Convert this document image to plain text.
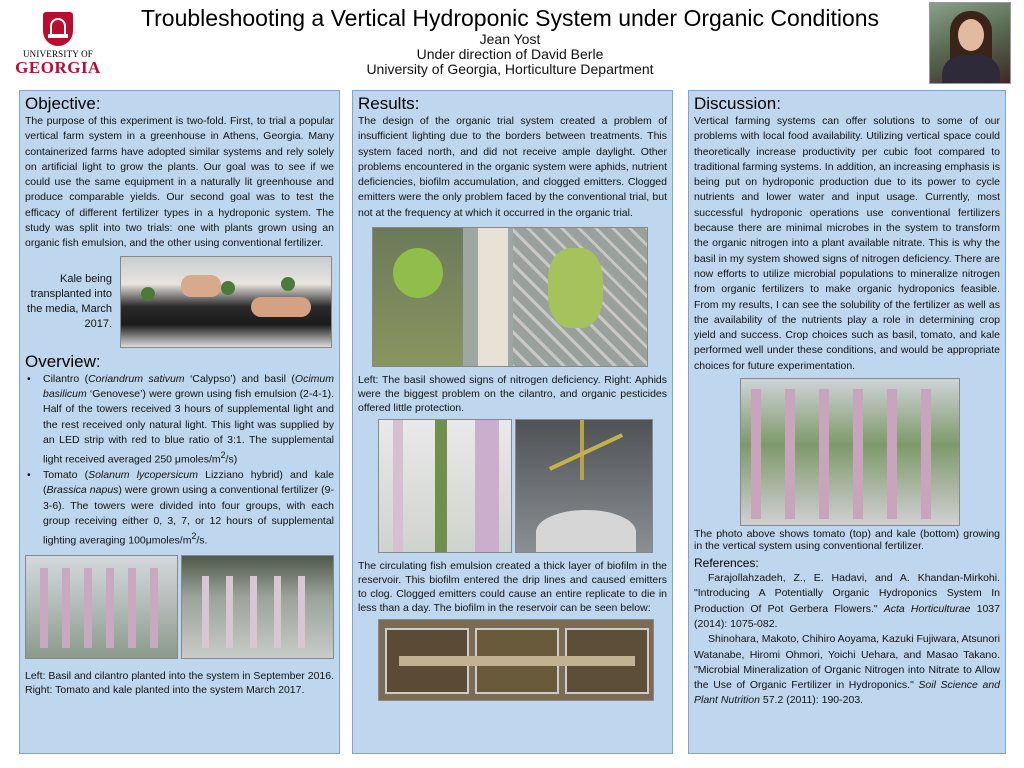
UNIVERSITY OF
GEORGIA
Troubleshooting a Vertical Hydroponic System under Organic Conditions
Jean Yost
Under direction of David Berle
University of Georgia, Horticulture Department
Objective:
The purpose of this experiment is two-fold. First, to trial a popular vertical farm system in a greenhouse in Athens, Georgia. Many containerized farms have adopted similar systems and rely solely on artificial light to grow the plants. Our goal was to see if we could use the same equipment in a naturally lit greenhouse and produce comparable yields. Our second goal was to test the efficacy of different fertilizer types in a hydroponic system. The study was split into two trials: one with plants grown using an organic fish emulsion, and the other using conventional fertilizer.
Kale being transplanted into the media, March 2017.
Overview:
• Cilantro (Coriandrum sativum ‘Calypso’) and basil (Ocimum basilicum ‘Genovese’) were grown using fish emulsion (2-4-1). Half of the towers received 3 hours of supplemental light and the rest received only natural light. This light was supplied by an LED strip with red to blue ratio of 3:1. The supplemental light received averaged 250 μmoles/$m^2/s$)
• Tomato (Solanum lycopersicum Lizziano hybrid) and kale (Brassica napus) were grown using a conventional fertilizer (9-3-6). The towers were divided into four groups, with each group receiving either 0, 3, 7, or 12 hours of supplemental lighting averaging $100\mu moles/m^2/s$.
Left: Basil and cilantro planted into the system in September 2016. Right: Tomato and kale planted into the system March 2017.
Results:
The design of the organic trial system created a problem of insufficient lighting due to the borders between treatments. This system faced north, and did not receive ample daylight. Other problems encountered in the organic system were aphids, nutrient deficiencies, biofilm accumulation, and clogged emitters. Clogged emitters were the only problem faced by the conventional trial, but not at the frequency at which it occurred in the organic trial.
Left: The basil showed signs of nitrogen deficiency. Right: Aphids were the biggest problem on the cilantro, and organic pesticides offered little protection.
The circulating fish emulsion created a thick layer of biofilm in the reservoir. This biofilm entered the drip lines and caused emitters to clog. Clogged emitters could cause an entire replicate to die in less than a day. The biofilm in the reservoir can be seen below:
Discussion:
Vertical farming systems can offer solutions to some of our problems with local food availability. Utilizing vertical space could theoretically increase productivity per cubic foot compared to traditional farming systems. In addition, an increasing emphasis is being put on hydroponic production due to its power to cycle nutrients and lower water and input usage. Currently, most successful hydroponic operations use conventional fertilizers because there are minimal microbes in the system to transform the organic nitrogen into a plant available nitrate. This is why the basil in my system showed signs of nitrogen deficiency. There are now efforts to utilize microbial populations to mineralize nitrogen from organic fertilizers to make organic hydroponics feasible. From my results, I can see the solubility of the fertilizer as well as the availability of the nutrients play a role in determining crop yield and success. Crop choices such as basil, tomato, and kale performed well under these conditions, and would be appropriate choices for future experimentation.
The photo above shows tomato (top) and kale (bottom) growing in the vertical system using conventional fertilizer.
References:
Farajollahzadeh, Z., E. Hadavi, and A. Khandan-Mirkohi. "Introducing A Potentially Organic Hydroponics System In Production Of Pot Gerbera Flowers." Acta Horticulturae 1037 (2014): 1075-082.
Shinohara, Makoto, Chihiro Aoyama, Kazuki Fujiwara, Atsunori Watanabe, Hiromi Ohmori, Yoichi Uehara, and Masao Takano. "Microbial Mineralization of Organic Nitrogen into Nitrate to Allow the Use of Organic Fertilizer in Hydroponics." Soil Science and Plant Nutrition 57.2 (2011): 190-203.
